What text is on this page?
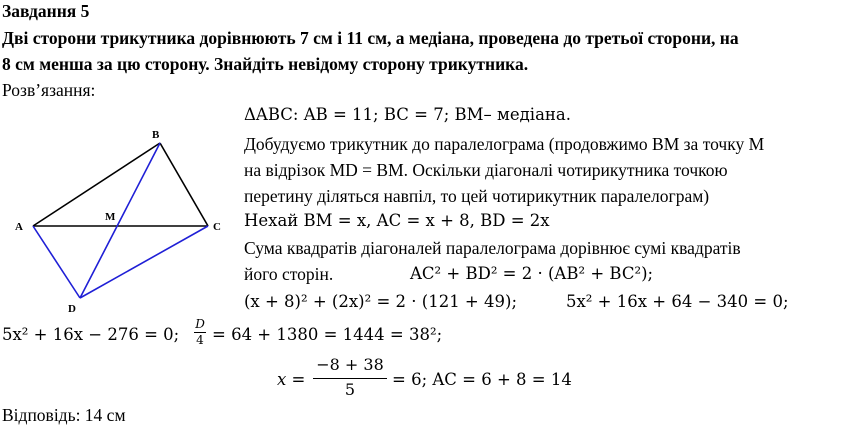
Завдання 5
Дві сторони трикутника дорівнюють 7 см і 11 см, а медіана, проведена до третьої сторони, на
8 см менша за цю сторону. Знайдіть невідому сторону трикутника.
Розв’язання:
B
A	C
M
D
ΔABC: AB = 11; BC = 7; BM– медіана.
Добудуємо трикутник до паралелограма (продовжимо BM за точку M
на відрізок MD = BM. Оскільки діагоналі чотирикутника точкою
перетину діляться навпіл, то цей чотирикутник паралелограм)
Нехай BM = x, AC = x + 8, BD = 2x
Сума квадратів діагоналей паралелограма дорівнює сумі квадратів
його сторін.	AC² + BD² = 2 · (AB² + BC²);
(x + 8)² + (2x)² = 2 · (121 + 49);	5x² + 16x + 64 − 340 = 0;
5x² + 16x − 276 = 0;
D
4 = 64 + 1380 = 1444 = 38²;
x =
−8 + 38
5
= 6; AC = 6 + 8 = 14
Відповідь: 14 см
